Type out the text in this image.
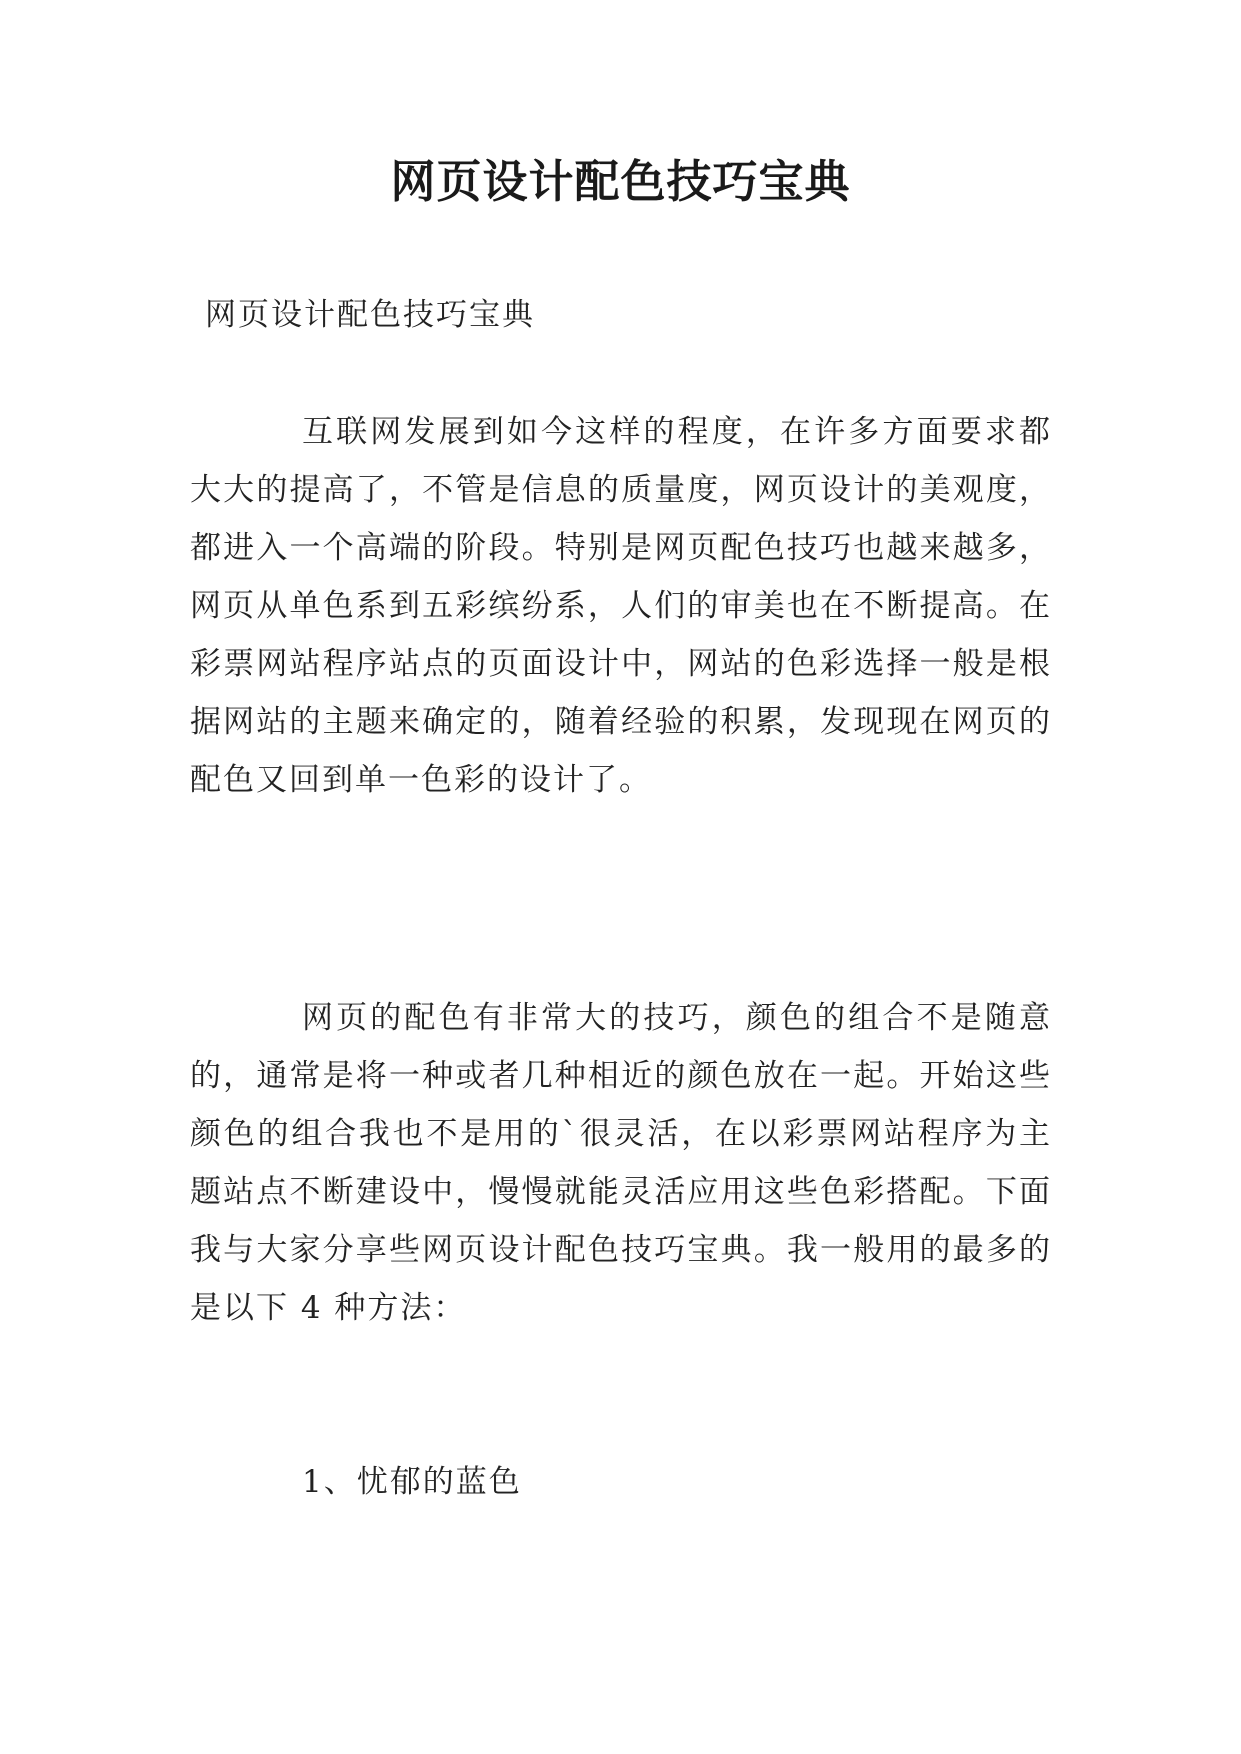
网页设计配色技巧宝典
网页设计配色技巧宝典

互联网发展到如今这样的程度，在许多方面要求都大大的提高了，不管是信息的质量度，网页设计的美观度，都进入一个高端的阶段。特别是网页配色技巧也越来越多，网页从单色系到五彩缤纷系，人们的审美也在不断提高。在彩票网站程序站点的页面设计中，网站的色彩选择一般是根据网站的主题来确定的，随着经验的积累，发现现在网页的配色又回到单一色彩的设计了。

网页的配色有非常大的技巧，颜色的组合不是随意的，通常是将一种或者几种相近的颜色放在一起。开始这些颜色的组合我也不是用的`很灵活，在以彩票网站程序为主题站点不断建设中，慢慢就能灵活应用这些色彩搭配。下面我与大家分享些网页设计配色技巧宝典。我一般用的最多的是以下 4 种方法：

1、忧郁的蓝色
